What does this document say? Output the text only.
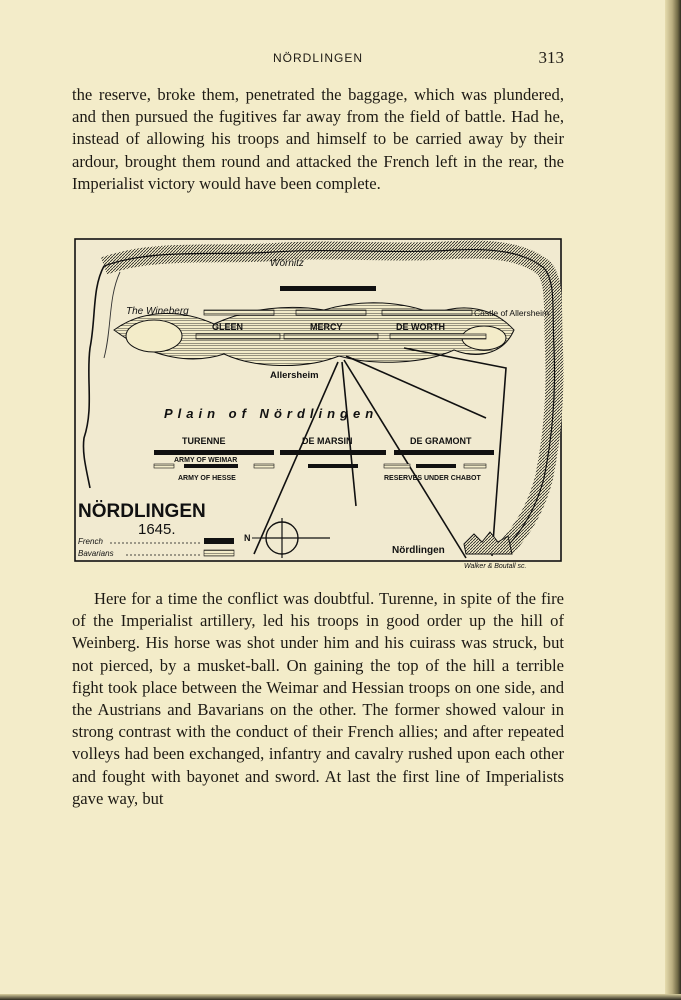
NÖRDLINGEN	313

the reserve, broke them, penetrated the baggage, which was plundered, and then pursued the fugitives far away from the field of battle. Had he, instead of allowing his troops and himself to be carried away by their ardour, brought them round and attacked the French left in the rear, the Imperialist victory would have been complete.

Wörnitz
The Wineberg	Castle of Allersheim
Allersheim
GLEEN	MERCY	DE WORTH
Plain of Nördlingen
TURENNE	DE MARSIN	DE GRAMONT
ARMY OF WEIMAR
ARMY OF HESSE	RESERVES UNDER CHABOT
NÖRDLINGEN
1645.
French
Bavarians
N
Nördlingen
Walker & Boutall sc.

Here for a time the conflict was doubtful. Turenne, in spite of the fire of the Imperialist artillery, led his troops in good order up the hill of Weinberg. His horse was shot under him and his cuirass was struck, but not pierced, by a musket-ball. On gaining the top of the hill a terrible fight took place between the Weimar and Hessian troops on one side, and the Austrians and Bavarians on the other. The former showed valour in strong contrast with the conduct of their French allies; and after repeated volleys had been exchanged, infantry and cavalry rushed upon each other and fought with bayonet and sword. At last the first line of Imperialists gave way, but
